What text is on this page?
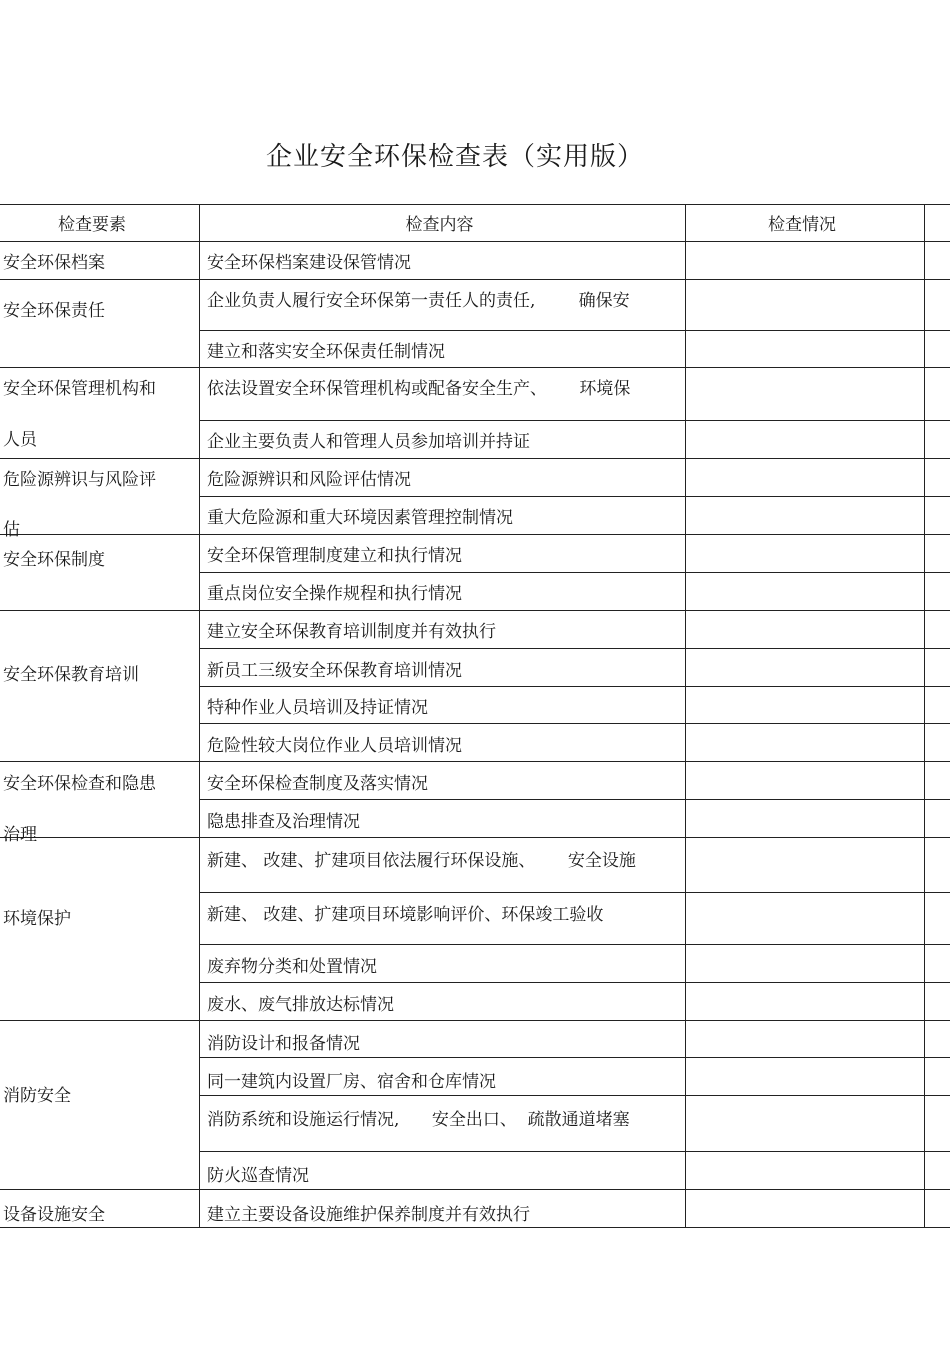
企业安全环保检查表（实用版）
检查要素	检查内容	检查情况
安全环保档案建设保管情况
企业负责人履行安全环保第一责任人的责任,        确保安
建立和落实安全环保责任制情况
依法设置安全环保管理机构或配备安全生产、      环境保
企业主要负责人和管理人员参加培训并持证
危险源辨识和风险评估情况
重大危险源和重大环境因素管理控制情况
安全环保管理制度建立和执行情况
重点岗位安全操作规程和执行情况
建立安全环保教育培训制度并有效执行
新员工三级安全环保教育培训情况
特种作业人员培训及持证情况
危险性较大岗位作业人员培训情况
安全环保检查制度及落实情况
隐患排查及治理情况
新建、 改建、扩建项目依法履行环保设施、      安全设施
新建、 改建、扩建项目环境影响评价、环保竣工验收
废弃物分类和处置情况
废水、废气排放达标情况
消防设计和报备情况
同一建筑内设置厂房、宿舍和仓库情况
消防系统和设施运行情况,      安全出口、  疏散通道堵塞
防火巡查情况
建立主要设备设施维护保养制度并有效执行
安全环保档案
安全环保责任
安全环保管理机构和
人员
危险源辨识与风险评
估
安全环保制度
安全环保教育培训
安全环保检查和隐患
治理
环境保护
消防安全
设备设施安全
